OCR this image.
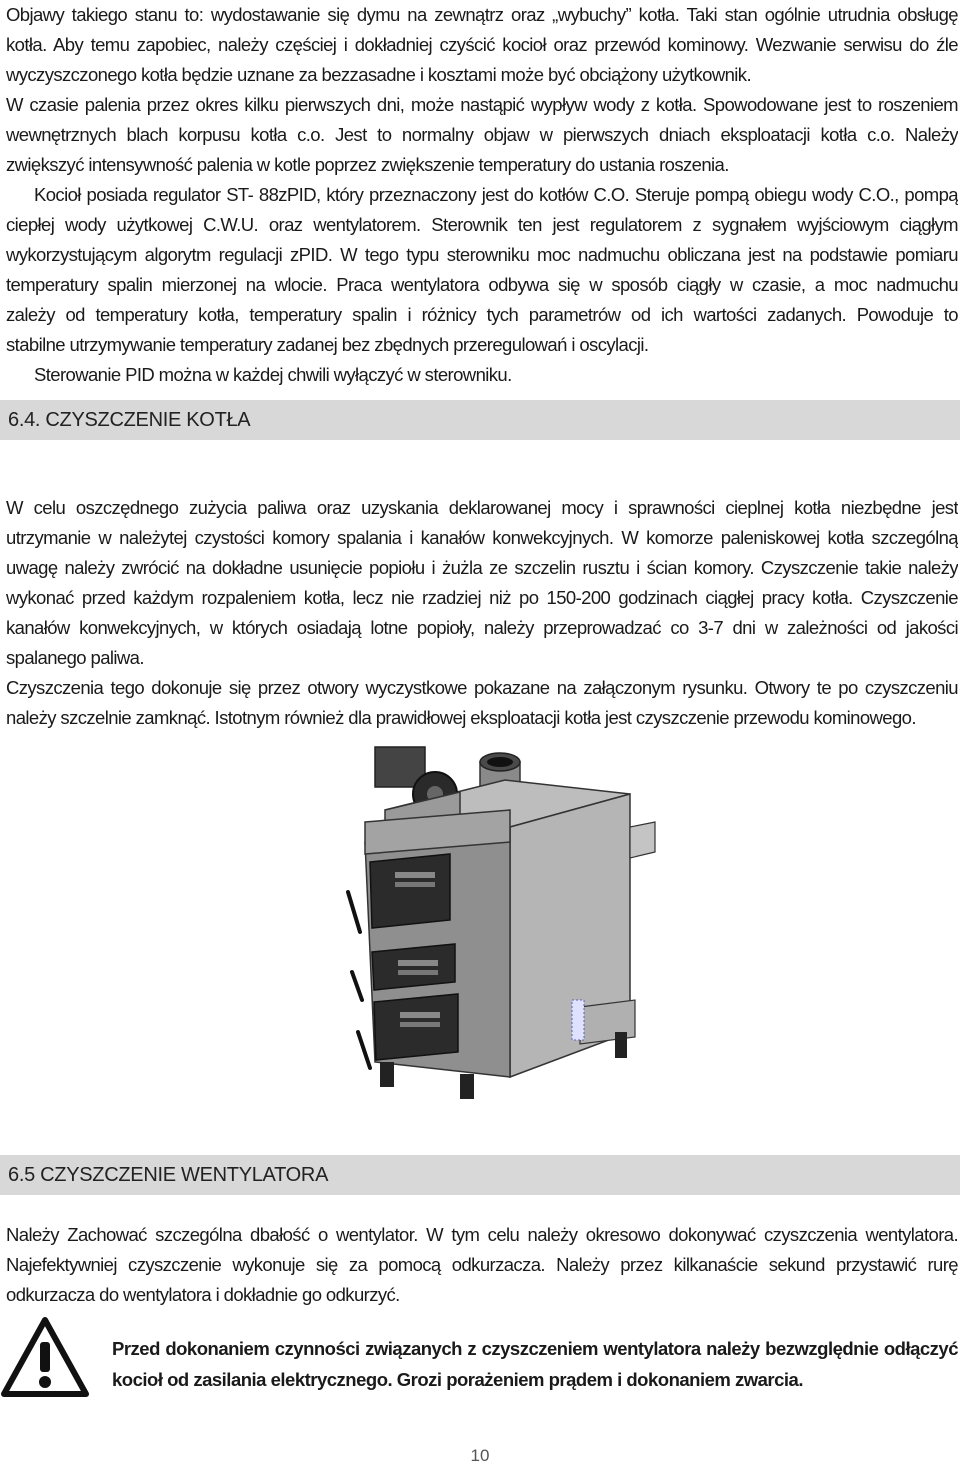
Objawy takiego stanu to: wydostawanie się dymu na zewnątrz oraz „wybuchy” kotła. Taki stan ogólnie utrudnia obsługę
kotła. Aby temu zapobiec, należy częściej i dokładniej czyścić kocioł oraz przewód kominowy. Wezwanie serwisu do źle
wyczyszczonego kotła będzie uznane za bezzasadne i kosztami może być obciążony użytkownik.
W czasie palenia przez okres kilku pierwszych dni, może nastąpić wypływ wody z kotła. Spowodowane jest to roszeniem
wewnętrznych blach korpusu kotła c.o. Jest to normalny objaw w pierwszych dniach eksploatacji kotła c.o. Należy
zwiększyć intensywność palenia w kotle poprzez zwiększenie temperatury do ustania roszenia.
Kocioł posiada regulator ST- 88zPID, który przeznaczony jest do kotłów C.O. Steruje pompą obiegu wody C.O., pompą
ciepłej wody użytkowej C.W.U. oraz wentylatorem. Sterownik ten jest regulatorem z sygnałem wyjściowym ciągłym
wykorzystującym algorytm regulacji zPID. W tego typu sterowniku moc nadmuchu obliczana jest na podstawie pomiaru
temperatury spalin mierzonej na wlocie. Praca wentylatora odbywa się w sposób ciągły w czasie, a moc nadmuchu
zależy od temperatury kotła, temperatury spalin i różnicy tych parametrów od ich wartości zadanych. Powoduje to
stabilne utrzymywanie temperatury zadanej bez zbędnych przeregulowań i oscylacji.
Sterowanie PID można w każdej chwili wyłączyć w sterowniku.
6.4. CZYSZCZENIE KOTŁA
W celu oszczędnego zużycia paliwa oraz uzyskania deklarowanej mocy i sprawności cieplnej kotła niezbędne jest
utrzymanie w należytej czystości komory spalania i kanałów konwekcyjnych. W komorze paleniskowej kotła szczególną
uwagę należy zwrócić na dokładne usunięcie popiołu i żużla ze szczelin rusztu i ścian komory. Czyszczenie takie należy
wykonać przed każdym rozpaleniem kotła, lecz nie rzadziej niż po 150-200 godzinach ciągłej pracy kotła. Czyszczenie
kanałów konwekcyjnych, w których osiadają lotne popioły, należy przeprowadzać co 3-7 dni w zależności od jakości
spalanego paliwa.
Czyszczenia tego dokonuje się przez otwory wyczystkowe pokazane na załączonym rysunku. Otwory te po czyszczeniu
należy szczelnie zamknąć. Istotnym również dla prawidłowej eksploatacji kotła jest czyszczenie przewodu kominowego.
6.5 CZYSZCZENIE WENTYLATORA
Należy Zachować szczególna dbałość o wentylator. W tym celu należy okresowo dokonywać czyszczenia wentylatora.
Najefektywniej czyszczenie wykonuje się za pomocą odkurzacza. Należy przez kilkanaście sekund przystawić rurę
odkurzacza do wentylatora i dokładnie go odkurzyć.
Przed dokonaniem czynności związanych z czyszczeniem wentylatora należy bezwzględnie odłączyć
kocioł od zasilania elektrycznego. Grozi porażeniem prądem i dokonaniem zwarcia.
10
